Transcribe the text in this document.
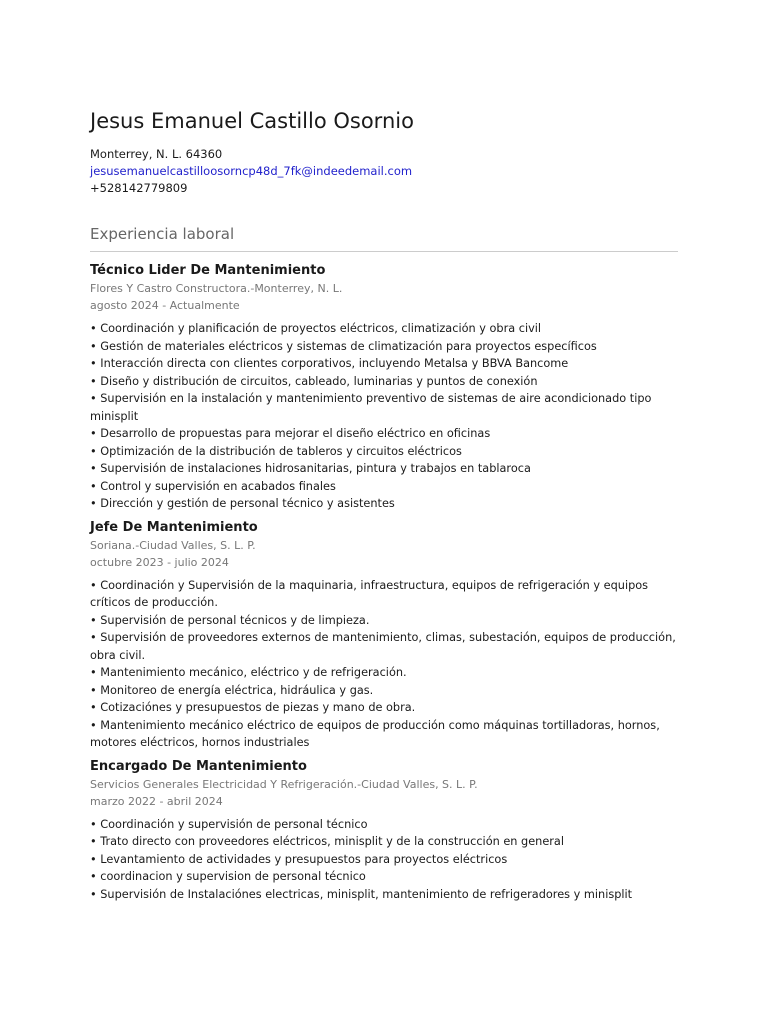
Jesus Emanuel Castillo Osornio
Monterrey, N. L. 64360
jesusemanuelcastilloosorncp48d_7fk@indeedemail.com
+528142779809
Experiencia laboral
Técnico Lider De Mantenimiento
Flores Y Castro Constructora.-Monterrey, N. L.
agosto 2024 - Actualmente
• Coordinación y planificación de proyectos eléctricos, climatización y obra civil
• Gestión de materiales eléctricos y sistemas de climatización para proyectos específicos
• Interacción directa con clientes corporativos, incluyendo Metalsa y BBVA Bancome
• Diseño y distribución de circuitos, cableado, luminarias y puntos de conexión
• Supervisión en la instalación y mantenimiento preventivo de sistemas de aire acondicionado tipo minisplit
• Desarrollo de propuestas para mejorar el diseño eléctrico en oficinas
• Optimización de la distribución de tableros y circuitos eléctricos
• Supervisión de instalaciones hidrosanitarias, pintura y trabajos en tablaroca
• Control y supervisión en acabados finales
• Dirección y gestión de personal técnico y asistentes
Jefe De Mantenimiento
Soriana.-Ciudad Valles, S. L. P.
octubre 2023 - julio 2024
• Coordinación y Supervisión de la maquinaria, infraestructura, equipos de refrigeración y equipos críticos de producción.
• Supervisión de personal técnicos y de limpieza.
• Supervisión de proveedores externos de mantenimiento, climas, subestación, equipos de producción, obra civil.
• Mantenimiento mecánico, eléctrico y de refrigeración.
• Monitoreo de energía eléctrica, hidráulica y gas.
• Cotizaciónes y presupuestos de piezas y mano de obra.
• Mantenimiento mecánico eléctrico de equipos de producción como máquinas tortilladoras, hornos, motores eléctricos, hornos industriales
Encargado De Mantenimiento
Servicios Generales Electricidad Y Refrigeración.-Ciudad Valles, S. L. P.
marzo 2022 - abril 2024
• Coordinación y supervisión de personal técnico
• Trato directo con proveedores eléctricos, minisplit y de la construcción en general
• Levantamiento de actividades y presupuestos para proyectos eléctricos
• coordinacion y supervision de personal técnico
• Supervisión de Instalaciónes electricas, minisplit, mantenimiento de refrigeradores y minisplit
